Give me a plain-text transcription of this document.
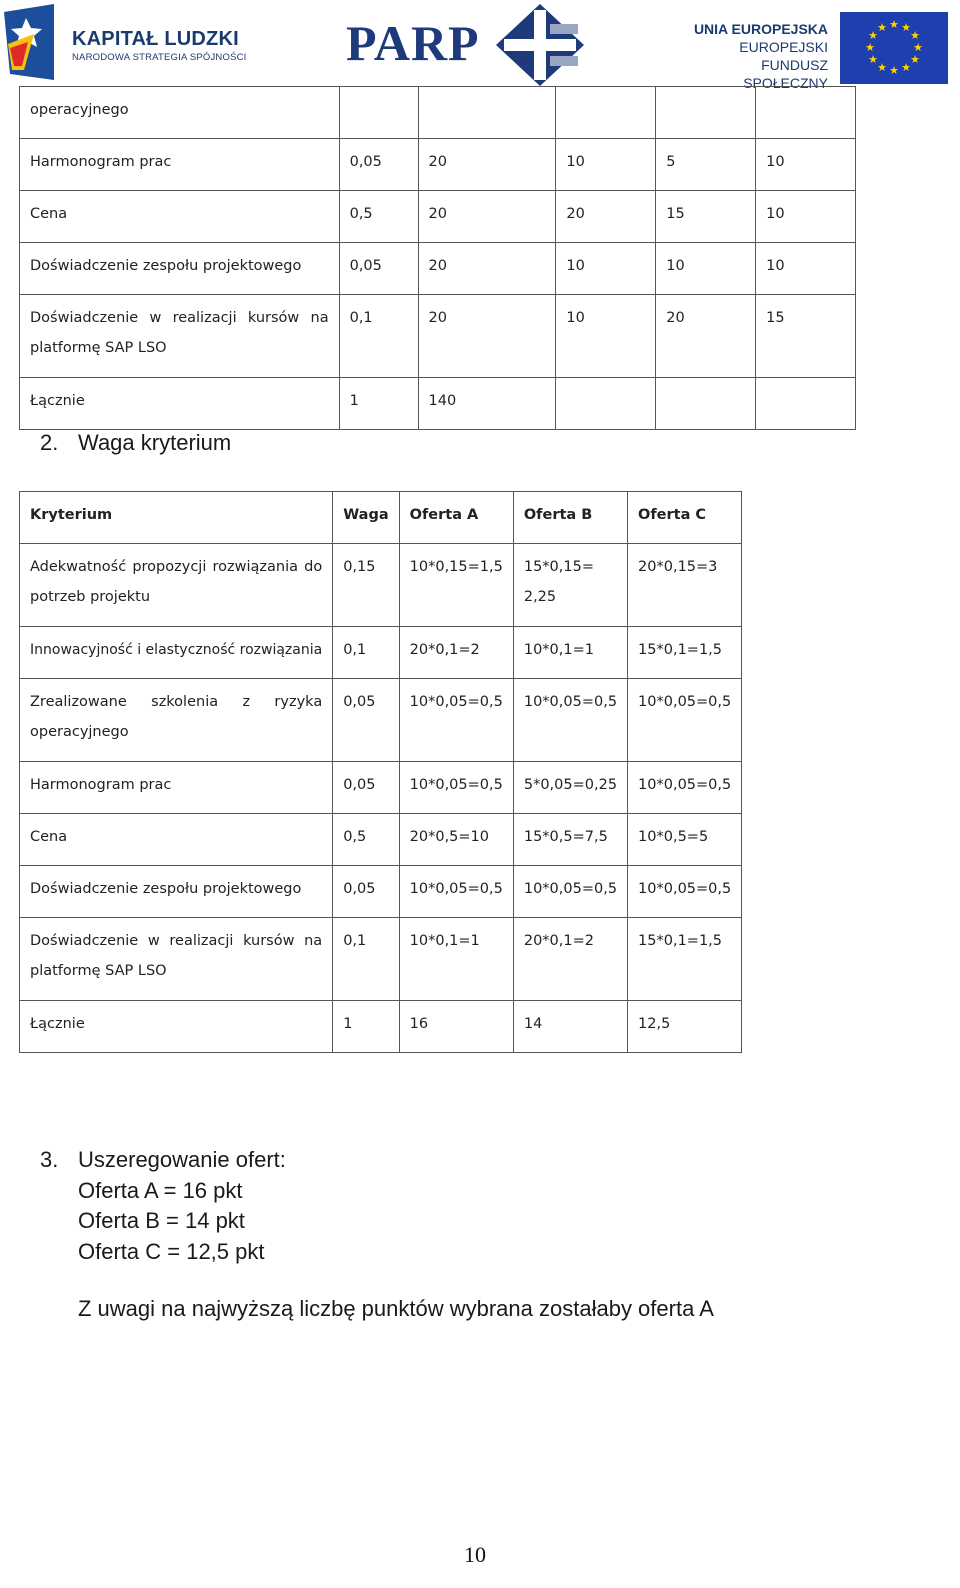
KAPITAŁ LUDZKI
NARODOWA STRATEGIA SPÓJNOŚCI PARP	UNIA EUROPEJSKA
EUROPEJSKI
FUNDUSZ SPOŁECZNY
★ ★
★
★
★
★
★
★
★
★
★
★
operacyjnego					
Harmonogram prac	0,05	20	10	5	10
Cena	0,5	20	20	15	10
Doświadczenie zespołu projektowego	0,05	20	10	10	10
Doświadczenie w realizacji kursów na platformę SAP LSO	0,1	20	10	20	15
Łącznie	1	140			
2. Waga kryterium
Kryterium	Waga	Oferta A	Oferta B	Oferta C
Adekwatność propozycji rozwiązania do potrzeb projektu	0,15	10*0,15=1,5	15*0,15= 2,25	20*0,15=3
Innowacyjność i elastyczność rozwiązania	0,1	20*0,1=2	10*0,1=1	15*0,1=1,5
Zrealizowane szkolenia z ryzyka operacyjnego	0,05	10*0,05=0,5	10*0,05=0,5	10*0,05=0,5
Harmonogram prac	0,05	10*0,05=0,5	5*0,05=0,25	10*0,05=0,5
Cena	0,5	20*0,5=10	15*0,5=7,5	10*0,5=5
Doświadczenie zespołu projektowego	0,05	10*0,05=0,5	10*0,05=0,5	10*0,05=0,5
Doświadczenie w realizacji kursów na platformę SAP LSO	0,1	10*0,1=1	20*0,1=2	15*0,1=1,5
Łącznie	1	16	14	12,5
3. Uszeregowanie ofert:
Oferta A = 16 pkt
Oferta B = 14 pkt
Oferta C = 12,5 pkt
Z uwagi na najwyższą liczbę punktów wybrana zostałaby oferta A
10
